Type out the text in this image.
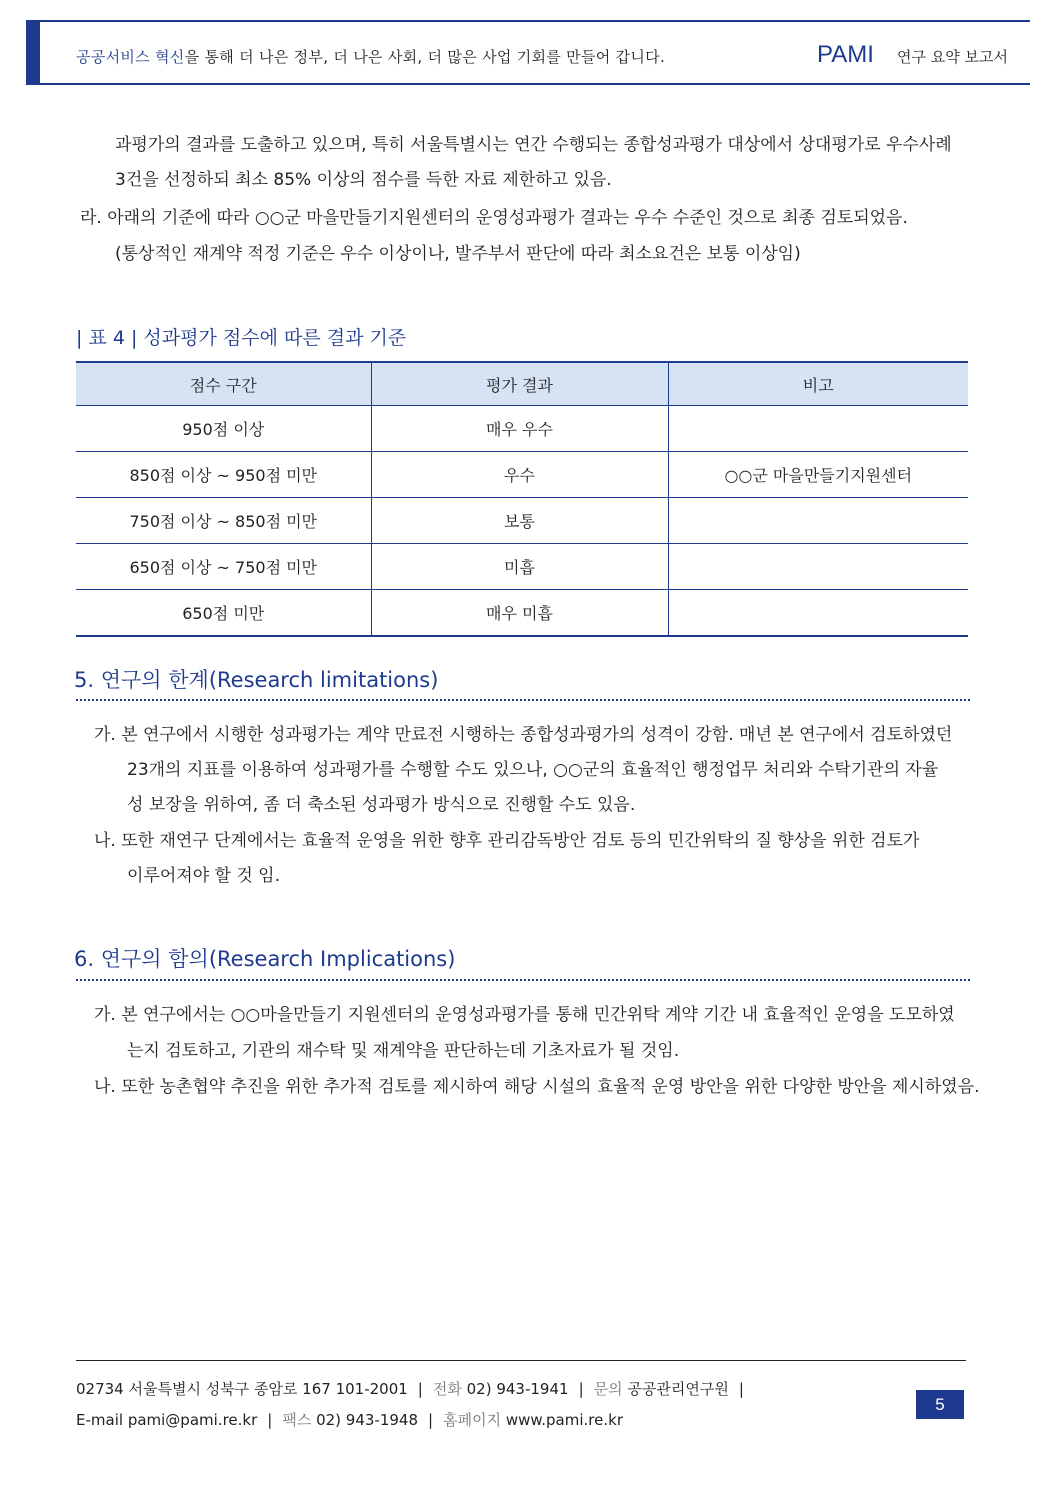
공공서비스 혁신을 통해 더 나은 정부, 더 나은 사회, 더 많은 사업 기회를 만들어 갑니다.	PAMI 연구 요약 보고서
과평가의 결과를 도출하고 있으며, 특히 서울특별시는 연간 수행되는 종합성과평가 대상에서 상대평가로 우수사례
3건을 선정하되 최소 85% 이상의 점수를 득한 자료 제한하고 있음.
라. 아래의 기준에 따라 ○○군 마을만들기지원센터의 운영성과평가 결과는 우수 수준인 것으로 최종 검토되었음.
(통상적인 재계약 적정 기준은 우수 이상이나, 발주부서 판단에 따라 최소요건은 보통 이상임)
| 표 4 | 성과평가 점수에 따른 결과 기준
점수 구간	평가 결과	비고
950점 이상	매우 우수	
850점 이상 ~ 950점 미만	우수	○○군 마을만들기지원센터
750점 이상 ~ 850점 미만	보통	
650점 이상 ~ 750점 미만	미흡	
650점 미만	매우 미흡	
5. 연구의 한계(Research limitations)
가. 본 연구에서 시행한 성과평가는 계약 만료전 시행하는 종합성과평가의 성격이 강함. 매년 본 연구에서 검토하였던
23개의 지표를 이용하여 성과평가를 수행할 수도 있으나, ○○군의 효율적인 행정업무 처리와 수탁기관의 자율
성 보장을 위하여, 좀 더 축소된 성과평가 방식으로 진행할 수도 있음.
나. 또한 재연구 단계에서는 효율적 운영을 위한 향후 관리감독방안 검토 등의 민간위탁의 질 향상을 위한 검토가
이루어져야 할 것 임.
6. 연구의 함의(Research Implications)
가. 본 연구에서는 ○○마을만들기 지원센터의 운영성과평가를 통해 민간위탁 계약 기간 내 효율적인 운영을 도모하였
는지 검토하고, 기관의 재수탁 및 재계약을 판단하는데 기초자료가 될 것임.
나. 또한 농촌협약 추진을 위한 추가적 검토를 제시하여 해당 시설의 효율적 운영 방안을 위한 다양한 방안을 제시하였음.
02734 서울특별시 성북구 종암로 167 101-2001 | 전화 02) 943-1941 | 문의 공공관리연구원 |
E-mail pami@pami.re.kr | 팩스 02) 943-1948 | 홈페이지 www.pami.re.kr
5
